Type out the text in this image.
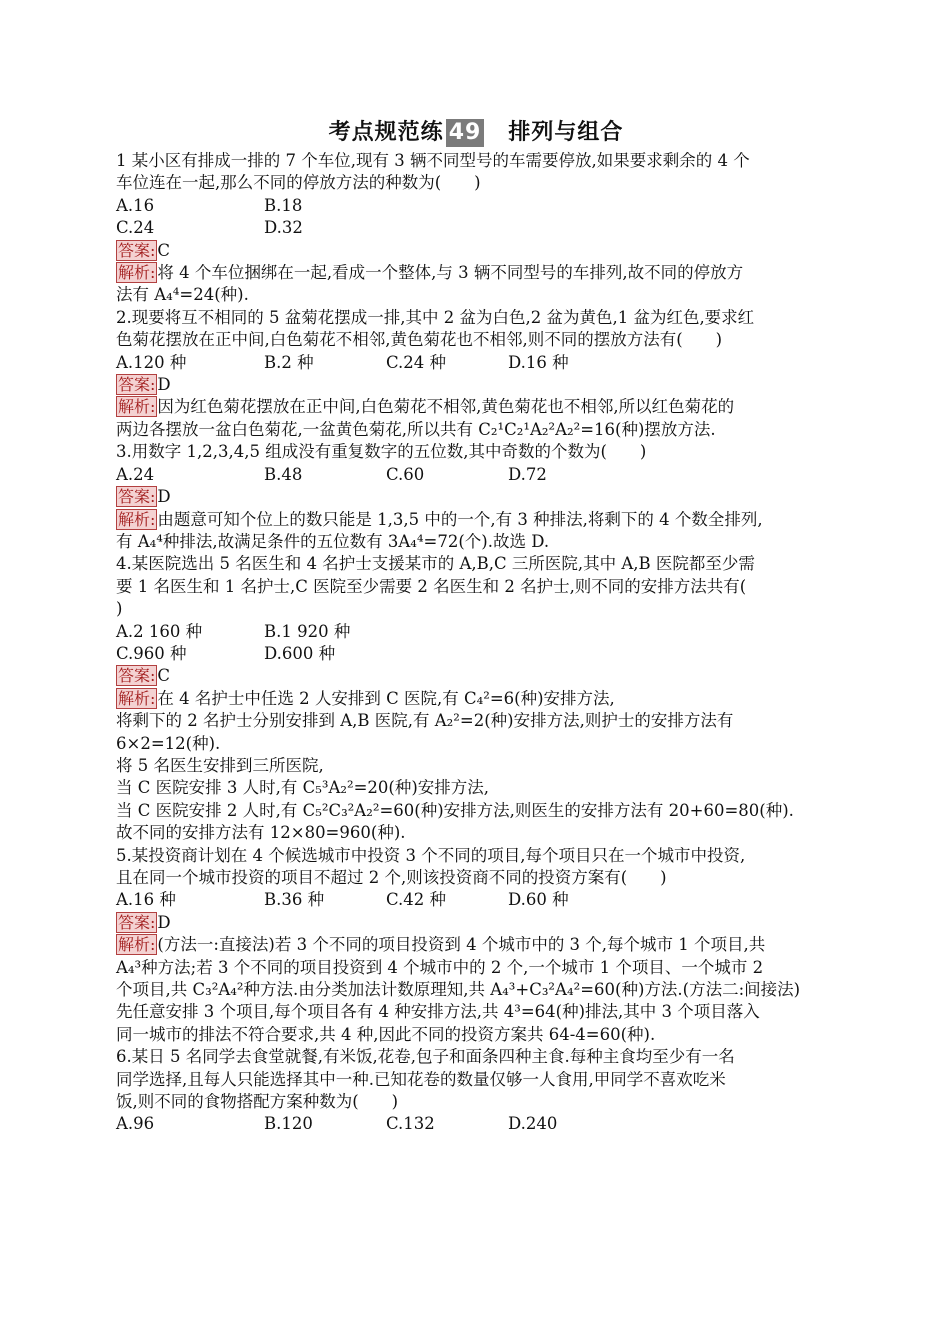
考点规范练 49 排列与组合
1 某小区有排成一排的 7 个车位,现有 3 辆不同型号的车需要停放,如果要求剩余的 4 个
车位连在一起,那么不同的停放方法的种数为(　　)
A.16	B.18
C.24	D.32
答案: C
解析: 将 4 个车位捆绑在一起,看成一个整体,与 3 辆不同型号的车排列,故不同的停放方
法有 A₄⁴=24(种).
2.现要将互不相同的 5 盆菊花摆成一排,其中 2 盆为白色,2 盆为黄色,1 盆为红色,要求红
色菊花摆放在正中间,白色菊花不相邻,黄色菊花也不相邻,则不同的摆放方法有(　　)
A.120 种	B.2 种	C.24 种	D.16 种
答案: D
解析: 因为红色菊花摆放在正中间,白色菊花不相邻,黄色菊花也不相邻,所以红色菊花的
两边各摆放一盆白色菊花,一盆黄色菊花,所以共有 C₂¹C₂¹A₂²A₂²=16(种)摆放方法.
3.用数字 1,2,3,4,5 组成没有重复数字的五位数,其中奇数的个数为(　　)
A.24	B.48	C.60	D.72
答案: D
解析: 由题意可知个位上的数只能是 1,3,5 中的一个,有 3 种排法,将剩下的 4 个数全排列,
有 A₄⁴种排法,故满足条件的五位数有 3A₄⁴=72(个).故选 D.
4.某医院选出 5 名医生和 4 名护士支援某市的 A,B,C 三所医院,其中 A,B 医院都至少需
要 1 名医生和 1 名护士,C 医院至少需要 2 名医生和 2 名护士,则不同的安排方法共有(
)
A.2 160 种	B.1 920 种
C.960 种	D.600 种
答案: C
解析: 在 4 名护士中任选 2 人安排到 C 医院,有 C₄²=6(种)安排方法,
将剩下的 2 名护士分别安排到 A,B 医院,有 A₂²=2(种)安排方法,则护士的安排方法有
6×2=12(种).
将 5 名医生安排到三所医院,
当 C 医院安排 3 人时,有 C₅³A₂²=20(种)安排方法,
当 C 医院安排 2 人时,有 C₅²C₃²A₂²=60(种)安排方法,则医生的安排方法有 20+60=80(种).
故不同的安排方法有 12×80=960(种).
5.某投资商计划在 4 个候选城市中投资 3 个不同的项目,每个项目只在一个城市中投资,
且在同一个城市投资的项目不超过 2 个,则该投资商不同的投资方案有(　　)
A.16 种	B.36 种	C.42 种	D.60 种
答案: D
解析: (方法一:直接法)若 3 个不同的项目投资到 4 个城市中的 3 个,每个城市 1 个项目,共
A₄³种方法;若 3 个不同的项目投资到 4 个城市中的 2 个,一个城市 1 个项目、一个城市 2
个项目,共 C₃²A₄²种方法.由分类加法计数原理知,共 A₄³+C₃²A₄²=60(种)方法.(方法二:间接法)
先任意安排 3 个项目,每个项目各有 4 种安排方法,共 4³=64(种)排法,其中 3 个项目落入
同一城市的排法不符合要求,共 4 种,因此不同的投资方案共 64-4=60(种).
6.某日 5 名同学去食堂就餐,有米饭,花卷,包子和面条四种主食.每种主食均至少有一名
同学选择,且每人只能选择其中一种.已知花卷的数量仅够一人食用,甲同学不喜欢吃米
饭,则不同的食物搭配方案种数为(　　)
A.96	B.120	C.132	D.240
